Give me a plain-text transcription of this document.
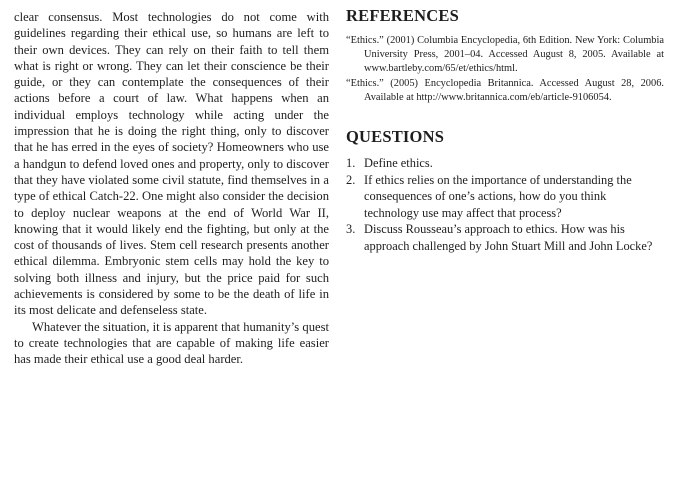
clear consensus. Most technologies do not come with guidelines regarding their ethical use, so humans are left to their own devices. They can rely on their faith to tell them what is right or wrong. They can let their conscience be their guide, or they can contemplate the consequences of their actions before a court of law. What happens when an individual employs technology while acting under the impression that he is doing the right thing, only to discover that he has erred in the eyes of society? Homeowners who use a handgun to defend loved ones and property, only to discover that they have violated some civil statute, find themselves in a type of ethical Catch-22. One might also consider the decision to deploy nuclear weapons at the end of World War II, knowing that it would likely end the fighting, but only at the cost of thousands of lives. Stem cell research presents another ethical dilemma. Embryonic stem cells may hold the key to solving both illness and injury, but the price paid for such achievements is considered by some to be the death of life in its most delicate and defenseless state.

Whatever the situation, it is apparent that humanity’s quest to create technologies that are capable of making life easier has made their ethical use a good deal harder.

REFERENCES
“Ethics.” (2001) Columbia Encyclopedia, 6th Edition. New York: Columbia University Press, 2001–04. Accessed August 8, 2005. Available at www.bartleby.com/65/et/ethics/html.
“Ethics.” (2005) Encyclopedia Britannica. Accessed August 28, 2006. Available at http://www.britannica.com/eb/article-9106054.
QUESTIONS
1. Define ethics.
2. If ethics relies on the importance of understanding the consequences of one’s actions, how do you think technology use may affect that process?
3. Discuss Rousseau’s approach to ethics. How was his approach challenged by John Stuart Mill and John Locke?
